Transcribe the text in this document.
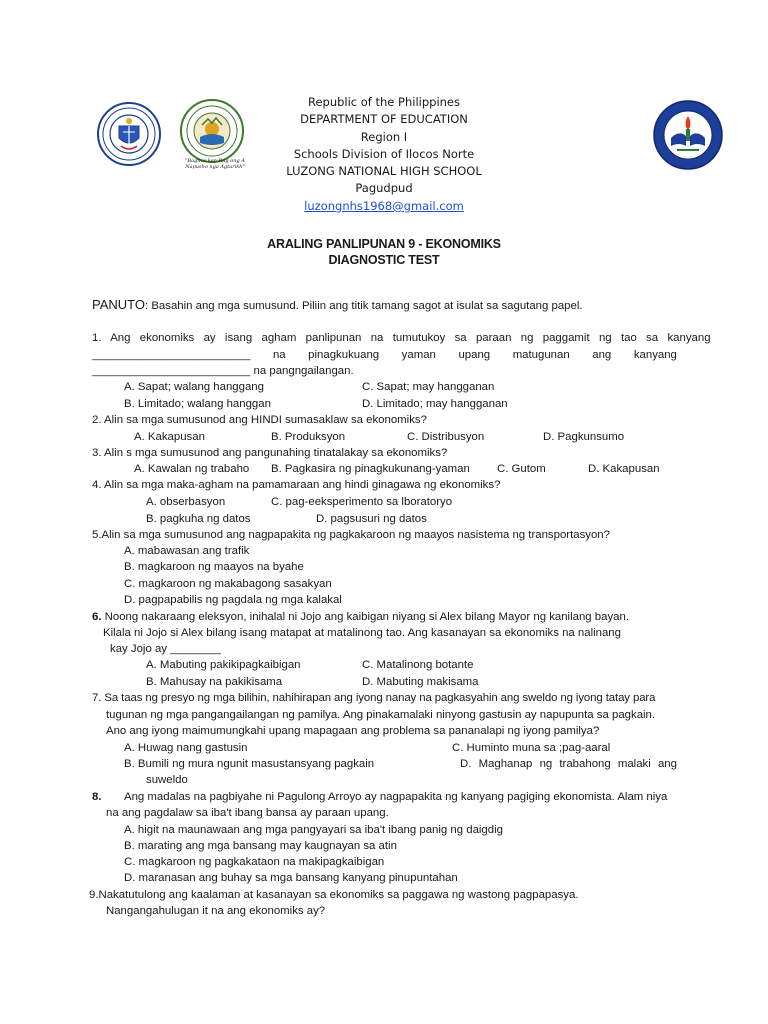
"Bagnos ken Rag-ong A Napusho nga Agtarikh"
Republic of the Philippines
DEPARTMENT OF EDUCATION
Region I
Schools Division of Ilocos Norte
LUZONG NATIONAL HIGH SCHOOL
Pagudpud
luzongnhs1968@gmail.com
ARALING PANLIPUNAN 9 - EKONOMIKS
DIAGNOSTIC TEST
PANUTO: Basahin ang mga sumusund. Piliin ang titik tamang sagot at isulat sa sagutang papel.
1.  Ang  ekonomiks  ay  isang  agham  panlipunan  na  tumutukoy  sa  paraan  ng  paggamit  ng  tao  sa  kanyang
_________________________ na pinagkukuang yaman upang matugunan ang kanyang
_________________________ na pangngailangan.
A. Sapat; walang hanggang	C. Sapat; may hangganan
B. Limitado; walang hanggan	D. Limitado; may hangganan
2. Alin sa mga sumusunod ang HINDI sumasaklaw sa ekonomiks?
A. Kakapusan	B. Produksyon	C. Distribusyon	D. Pagkunsumo
3. Alin s mga sumusunod ang pangunahing tinatalakay sa ekonomiks?
A. Kawalan ng trabaho B. Pagkasira ng pinagkukunang-yaman C. Gutom	D. Kakapusan
4. Alin sa mga maka-agham na pamamaraan ang hindi ginagawa ng ekonomiks?
A. obserbasyon	C. pag-eeksperimento sa lboratoryo
B. pagkuha ng datos	D. pagsusuri ng datos
5.Alin sa mga sumusunod ang nagpapakita ng pagkakaroon ng maayos nasistema ng transportasyon?
A. mabawasan ang trafik
B. magkaroon ng maayos na byahe
C. magkaroon ng makabagong sasakyan
D. pagpapabilis ng pagdala ng mga kalakal
6. Noong nakaraang eleksyon, inihalal ni Jojo ang kaibigan niyang si Alex bilang Mayor ng kanilang bayan.
Kilala ni Jojo si Alex bilang isang matapat at matalinong tao. Ang kasanayan sa ekonomiks na nalinang
kay Jojo ay ________
A. Mabuting pakikipagkaibigan	C. Matalinong botante
B. Mahusay na pakikisama	D. Mabuting makisama
7. Sa taas ng presyo ng mga bilihin, nahihirapan ang iyong nanay na pagkasyahin ang sweldo ng iyong tatay para
tugunan ng mga pangangailangan ng pamilya. Ang pinakamalaki ninyong gastusin ay napupunta sa pagkain.
Ano ang iyong maimumungkahi upang mapagaan ang problema sa pananalapi ng iyong pamilya?
A. Huwag nang gastusin	C. Huminto muna sa ;pag-aaral
B. Bumili ng mura ngunit masustansyang pagkain	D. Maghanap ng trabahong malaki ang
suweldo
8. Ang madalas na pagbiyahe ni Pagulong Arroyo ay nagpapakita ng kanyang pagiging ekonomista. Alam niya
na ang pagdalaw sa iba't ibang bansa ay paraan upang.
A. higit na maunawaan ang mga pangyayari sa iba't ibang panig ng daigdig
B. marating ang mga bansang may kaugnayan sa atin
C. magkaroon ng pagkakataon na makipagkaibigan
D. maranasan ang buhay sa mga bansang kanyang pinupuntahan
9.Nakatutulong ang kaalaman at kasanayan sa ekonomiks sa paggawa ng wastong pagpapasya.
Nangangahulugan it na ang ekonomiks ay?
